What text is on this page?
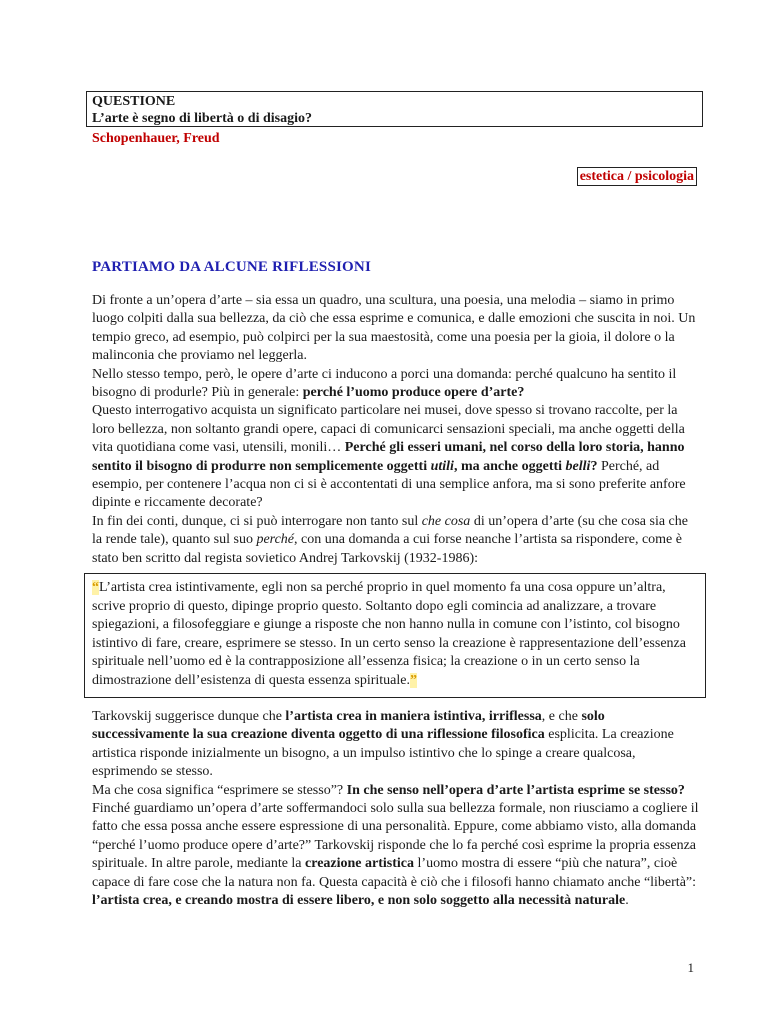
QUESTIONE
L’arte è segno di libertà o di disagio?
Schopenhauer, Freud
estetica / psicologia
PARTIAMO DA ALCUNE RIFLESSIONI

Di fronte a un’opera d’arte – sia essa un quadro, una scultura, una poesia, una melodia – siamo in primo luogo colpiti dalla sua bellezza, da ciò che essa esprime e comunica, e dalle emozioni che suscita in noi. Un tempio greco, ad esempio, può colpirci per la sua maestosità, come una poesia per la gioia, il dolore o la malinconia che proviamo nel leggerla.

Nello stesso tempo, però, le opere d’arte ci inducono a porci una domanda: perché qualcuno ha sentito il bisogno di produrle? Più in generale: perché l’uomo produce opere d’arte?

Questo interrogativo acquista un significato particolare nei musei, dove spesso si trovano raccolte, per la loro bellezza, non soltanto grandi opere, capaci di comunicarci sensazioni speciali, ma anche oggetti della vita quotidiana come vasi, utensili, monili… Perché gli esseri umani, nel corso della loro storia, hanno sentito il bisogno di produrre non semplicemente oggetti utili, ma anche oggetti belli? Perché, ad esempio, per contenere l’acqua non ci si è accontentati di una semplice anfora, ma si sono preferite anfore dipinte e riccamente decorate?

In fin dei conti, dunque, ci si può interrogare non tanto sul che cosa di un’opera d’arte (su che cosa sia che la rende tale), quanto sul suo perché, con una domanda a cui forse neanche l’artista sa rispondere, come è stato ben scritto dal regista sovietico Andrej Tarkovskij (1932-1986):

“L’artista crea istintivamente, egli non sa perché proprio in quel momento fa una cosa oppure un’altra, scrive proprio di questo, dipinge proprio questo. Soltanto dopo egli comincia ad analizzare, a trovare spiegazioni, a filosofeggiare e giunge a risposte che non hanno nulla in comune con l’istinto, col bisogno istintivo di fare, creare, esprimere se stesso. In un certo senso la creazione è rappresentazione dell’essenza spirituale nell’uomo ed è la contrapposizione all’essenza fisica; la creazione o in un certo senso la dimostrazione dell’esistenza di questa essenza spirituale.”

Tarkovskij suggerisce dunque che l’artista crea in maniera istintiva, irriflessa, e che solo successivamente la sua creazione diventa oggetto di una riflessione filosofica esplicita. La creazione artistica risponde inizialmente un bisogno, a un impulso istintivo che lo spinge a creare qualcosa, esprimendo se stesso.

Ma che cosa significa “esprimere se stesso”? In che senso nell’opera d’arte l’artista esprime se stesso? Finché guardiamo un’opera d’arte soffermandoci solo sulla sua bellezza formale, non riusciamo a cogliere il fatto che essa possa anche essere espressione di una personalità. Eppure, come abbiamo visto, alla domanda “perché l’uomo produce opere d’arte?” Tarkovskij risponde che lo fa perché così esprime la propria essenza spirituale. In altre parole, mediante la creazione artistica l’uomo mostra di essere “più che natura”, cioè capace di fare cose che la natura non fa. Questa capacità è ciò che i filosofi hanno chiamato anche “libertà”: l’artista crea, e creando mostra di essere libero, e non solo soggetto alla necessità naturale.

1
